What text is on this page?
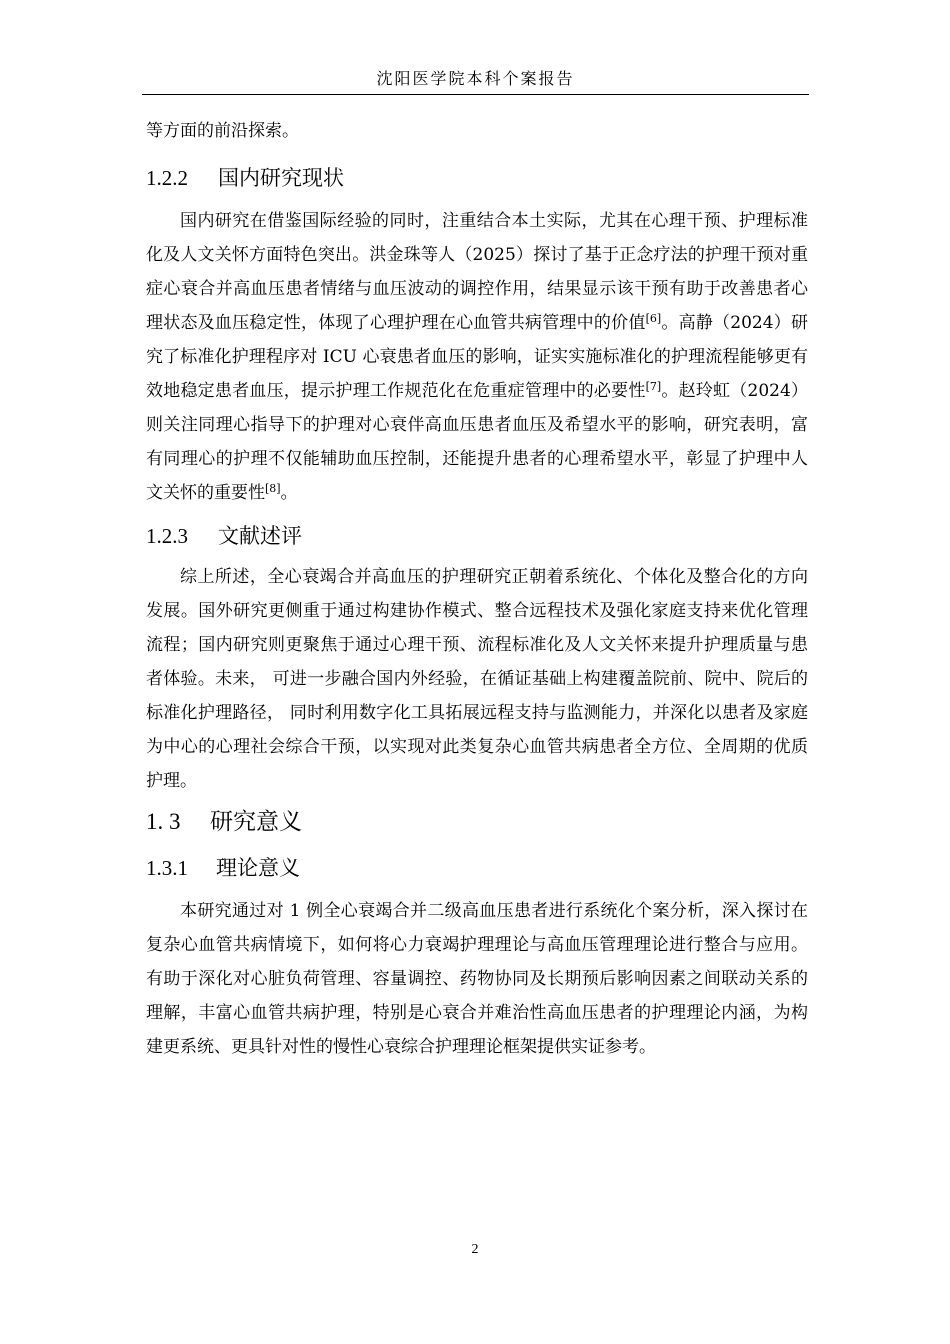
沈阳医学院本科个案报告

等方面的前沿探索。

1.2.2 国内研究现状

国内研究在借鉴国际经验的同时，注重结合本土实际，尤其在心理干预、护理标准化及人文关怀方面特色突出。洪金珠等人（2025）探讨了基于正念疗法的护理干预对重症心衰合并高血压患者情绪与血压波动的调控作用，结果显示该干预有助于改善患者心理状态及血压稳定性，体现了心理护理在心血管共病管理中的价值[6]。高静（2024）研究了标准化护理程序对 ICU 心衰患者血压的影响，证实实施标准化的护理流程能够更有效地稳定患者血压，提示护理工作规范化在危重症管理中的必要性[7]。赵玲虹（2024）则关注同理心指导下的护理对心衰伴高血压患者血压及希望水平的影响，研究表明，富有同理心的护理不仅能辅助血压控制，还能提升患者的心理希望水平，彰显了护理中人文关怀的重要性[8]。

1.2.3 文献述评

综上所述，全心衰竭合并高血压的护理研究正朝着系统化、个体化及整合化的方向发展。国外研究更侧重于通过构建协作模式、整合远程技术及强化家庭支持来优化管理流程；国内研究则更聚焦于通过心理干预、流程标准化及人文关怀来提升护理质量与患者体验。未来， 可进一步融合国内外经验，在循证基础上构建覆盖院前、院中、院后的标准化护理路径， 同时利用数字化工具拓展远程支持与监测能力，并深化以患者及家庭为中心的心理社会综合干预，以实现对此类复杂心血管共病患者全方位、全周期的优质护理。

1. 3 研究意义
1.3.1 理论意义

本研究通过对 1 例全心衰竭合并二级高血压患者进行系统化个案分析，深入探讨在复杂心血管共病情境下，如何将心力衰竭护理理论与高血压管理理论进行整合与应用。有助于深化对心脏负荷管理、容量调控、药物协同及长期预后影响因素之间联动关系的理解，丰富心血管共病护理，特别是心衰合并难治性高血压患者的护理理论内涵，为构建更系统、更具针对性的慢性心衰综合护理理论框架提供实证参考。

2
